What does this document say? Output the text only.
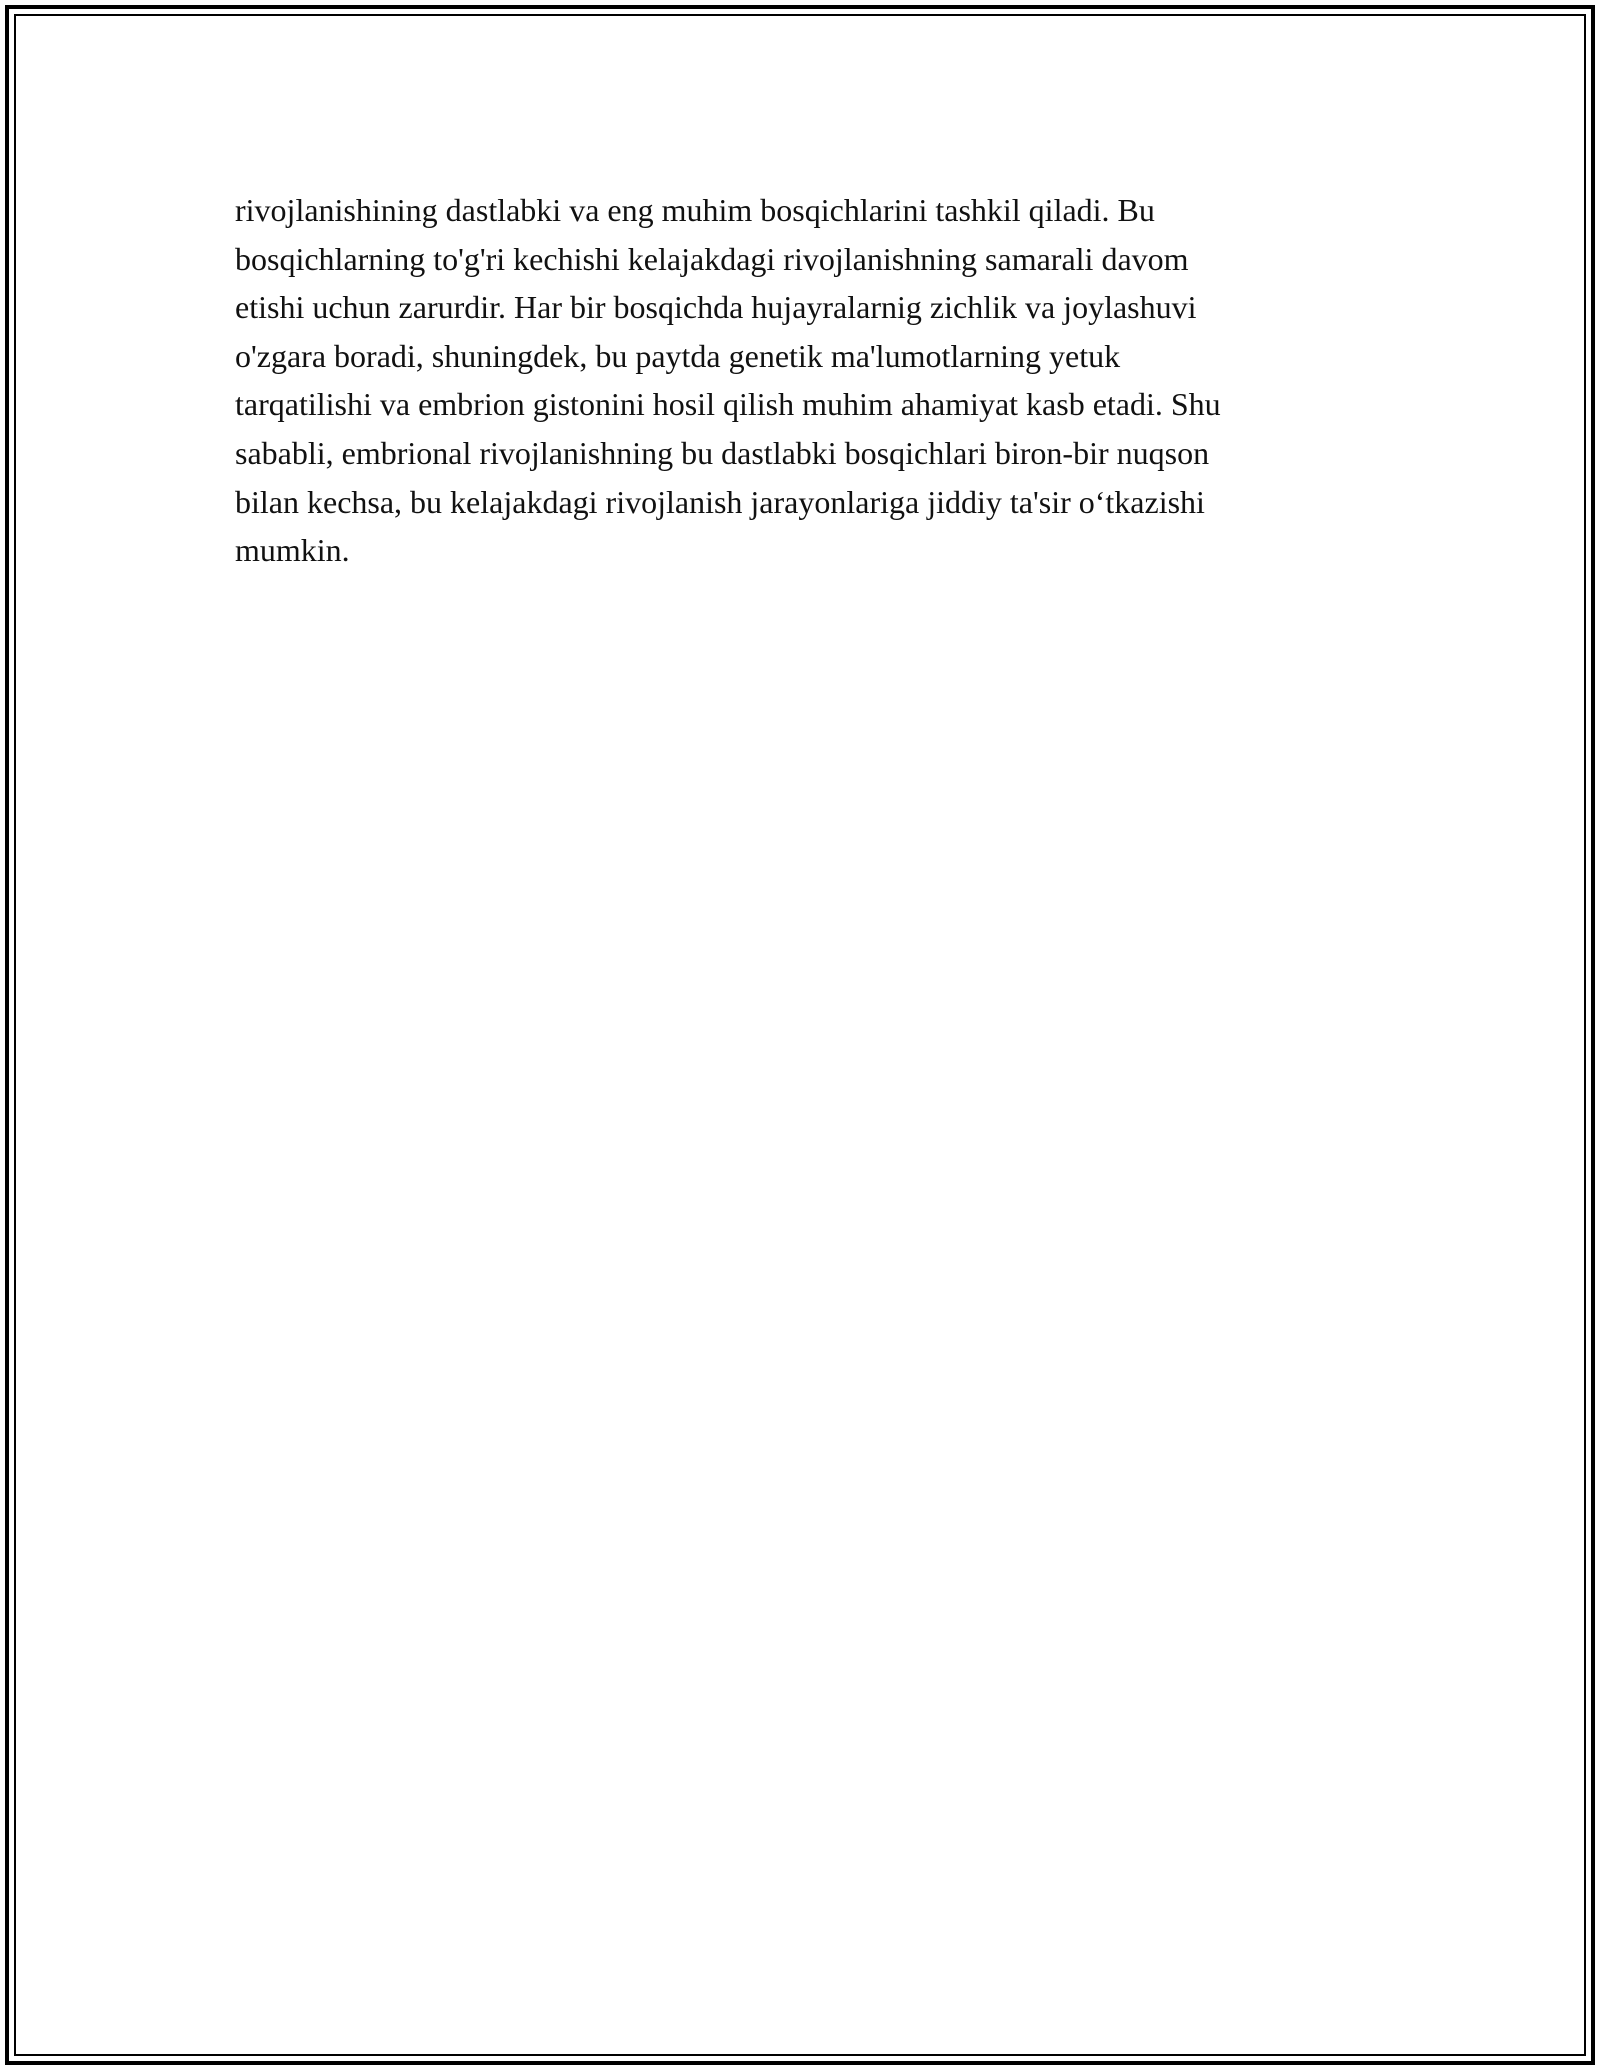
rivojlanishining dastlabki va eng muhim bosqichlarini tashkil qiladi. Bu
bosqichlarning to'g'ri kechishi kelajakdagi rivojlanishning samarali davom
etishi uchun zarurdir. Har bir bosqichda hujayralarnig zichlik va joylashuvi
o'zgara boradi, shuningdek, bu paytda genetik ma'lumotlarning yetuk
tarqatilishi va embrion gistonini hosil qilish muhim ahamiyat kasb etadi. Shu
sababli, embrional rivojlanishning bu dastlabki bosqichlari biron-bir nuqson
bilan kechsa, bu kelajakdagi rivojlanish jarayonlariga jiddiy ta'sir o‘tkazishi
mumkin.
